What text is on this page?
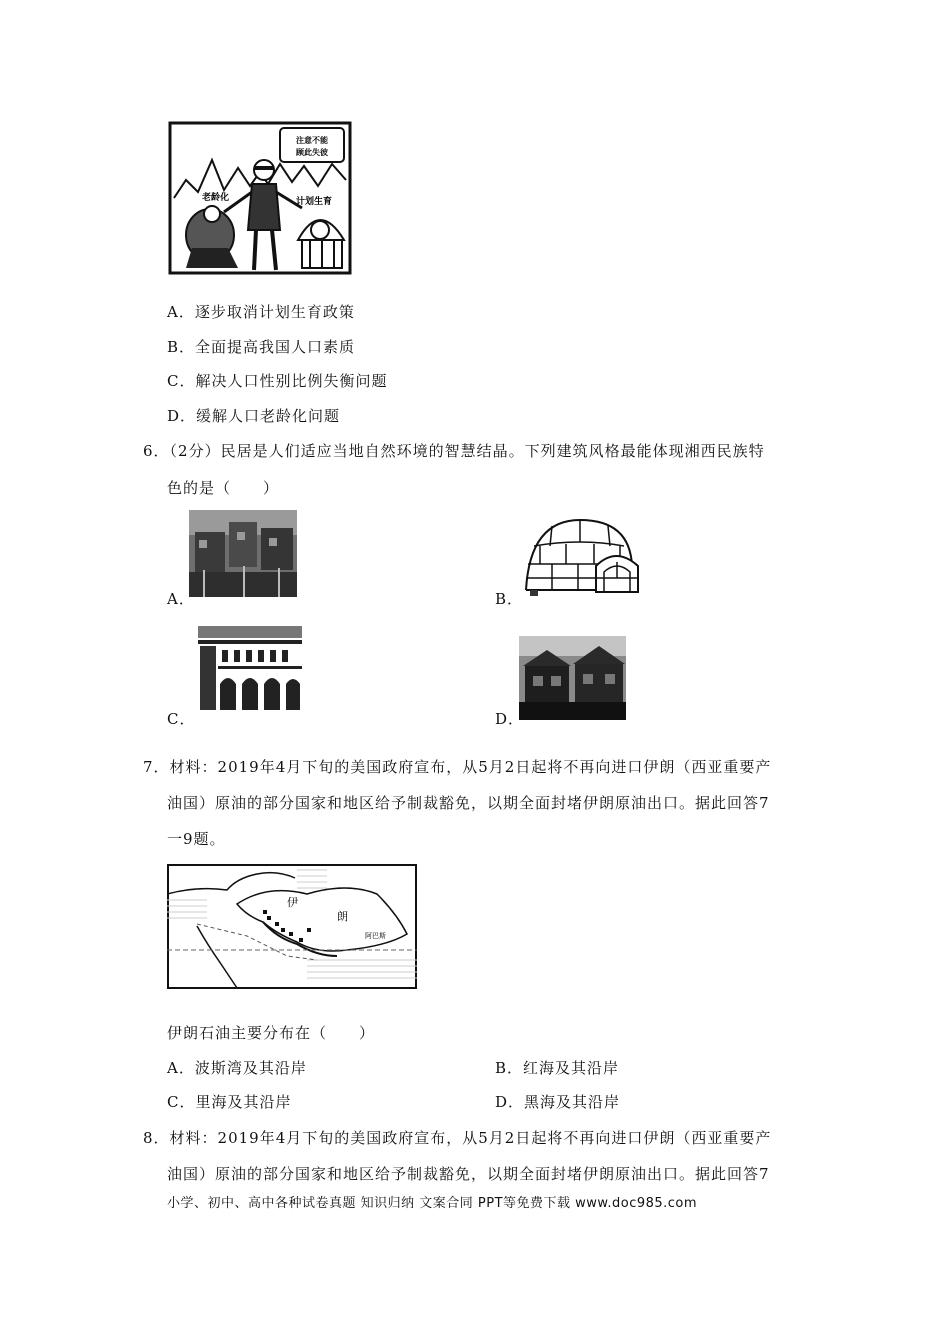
注意不能
顾此失彼
老龄化	计划生育
A．逐步取消计划生育政策
B．全面提高我国人口素质
C．解决人口性别比例失衡问题
D．缓解人口老龄化问题
6．（2分）民居是人们适应当地自然环境的智慧结晶。下列建筑风格最能体现湘西民族特
色的是（　　）
A．	B．
C．	D．
7．材料：2019年4月下旬的美国政府宣布，从5月2日起将不再向进口伊朗（西亚重要产
油国）原油的部分国家和地区给予制裁豁免，以期全面封堵伊朗原油出口。据此回答7
一9题。
伊
朗
阿巴斯
伊朗石油主要分布在（　　）
A．波斯湾及其沿岸	B．红海及其沿岸
C．里海及其沿岸	D．黑海及其沿岸
8．材料：2019年4月下旬的美国政府宣布，从5月2日起将不再向进口伊朗（西亚重要产
油国）原油的部分国家和地区给予制裁豁免，以期全面封堵伊朗原油出口。据此回答7
小学、初中、高中各种试卷真题 知识归纳 文案合同 PPT等免费下载 www.doc985.com
